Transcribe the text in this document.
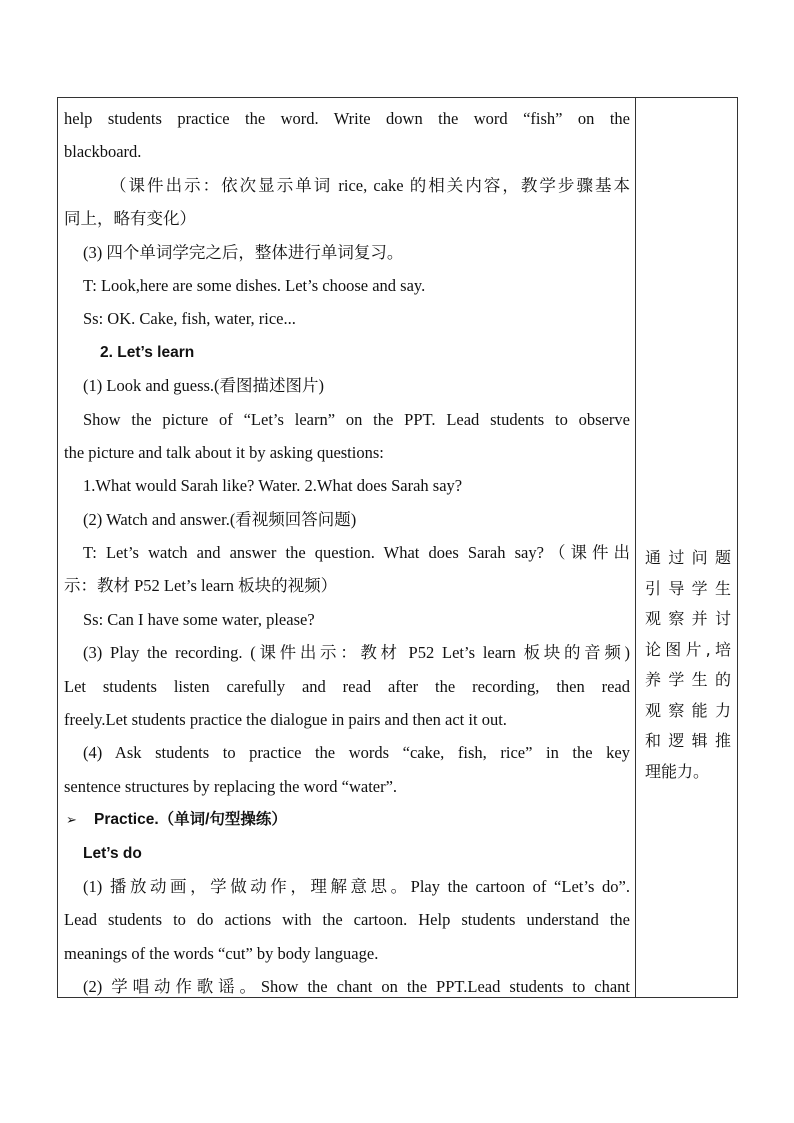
help students practice the word. Write down the word “fish” on the
blackboard.
（课件出示：依次显示单词 rice, cake 的相关内容，教学步骤基本
同上，略有变化）
(3) 四个单词学完之后，整体进行单词复习。
T: Look,here are some dishes. Let’s choose and say.
Ss: OK. Cake, fish, water, rice...
2. Let’s learn
(1) Look and guess.(看图描述图片)
Show the picture of “Let’s learn” on the PPT. Lead students to observe
the picture and talk about it by asking questions:
1.What would Sarah like? Water. 2.What does Sarah say?
(2) Watch and answer.(看视频回答问题)
T: Let’s watch and answer the question. What does Sarah say?（课件出
示：教材 P52 Let’s learn 板块的视频）
Ss: Can I have some water, please?
(3) Play the recording. (课件出示：教材 P52 Let’s learn 板块的音频)
Let students listen carefully and read after the recording, then read
freely.Let students practice the dialogue in pairs and then act it out.
(4) Ask students to practice the words “cake, fish, rice” in the key
sentence structures by replacing the word “water”.
➢	Practice.（单词/句型操练）
Let’s do
(1) 播放动画，学做动作，理解意思。Play the cartoon of “Let’s do”.
Lead students to do actions with the cartoon. Help students understand the
meanings of the words “cut” by body language.
(2) 学唱动作歌谣。Show the chant on the PPT.Lead students to chant
通过问题
引导学生
观察并讨
论图片,培
养学生的
观察能力
和逻辑推
理能力。
